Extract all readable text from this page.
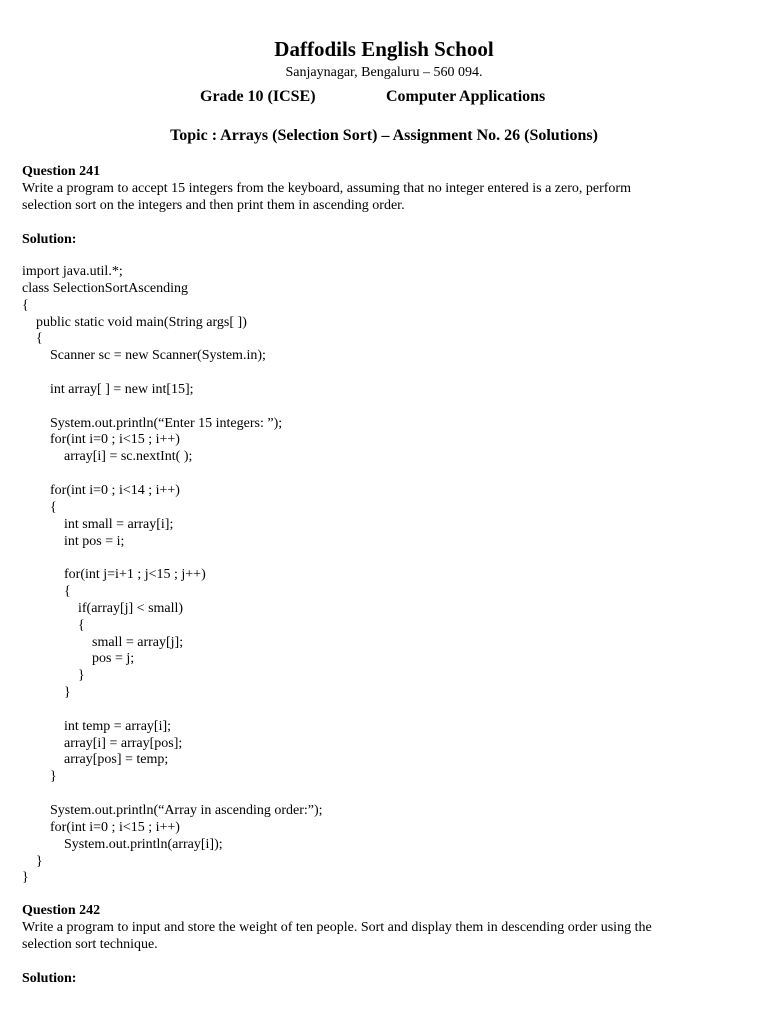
Daffodils English School
Sanjaynagar, Bengaluru – 560 094.
Grade 10 (ICSE)	Computer Applications
Topic : Arrays (Selection Sort) – Assignment No. 26 (Solutions)
Question 241
Write a program to accept 15 integers from the keyboard, assuming that no integer entered is a zero, perform
selection sort on the integers and then print them in ascending order.
Solution:
import java.util.*;
class SelectionSortAscending
{
public static void main(String args[ ])
{
Scanner sc = new Scanner(System.in);
int array[ ] = new int[15];
System.out.println(“Enter 15 integers: ”);
for(int i=0 ; i<15 ; i++)
array[i] = sc.nextInt( );
for(int i=0 ; i<14 ; i++)
{
int small = array[i];
int pos = i;
for(int j=i+1 ; j<15 ; j++)
{
if(array[j] < small)
{
small = array[j];
pos = j;
}
}
int temp = array[i];
array[i] = array[pos];
array[pos] = temp;
}
System.out.println(“Array in ascending order:”);
for(int i=0 ; i<15 ; i++)
System.out.println(array[i]);
}
}
Question 242
Write a program to input and store the weight of ten people. Sort and display them in descending order using the
selection sort technique.
Solution:
